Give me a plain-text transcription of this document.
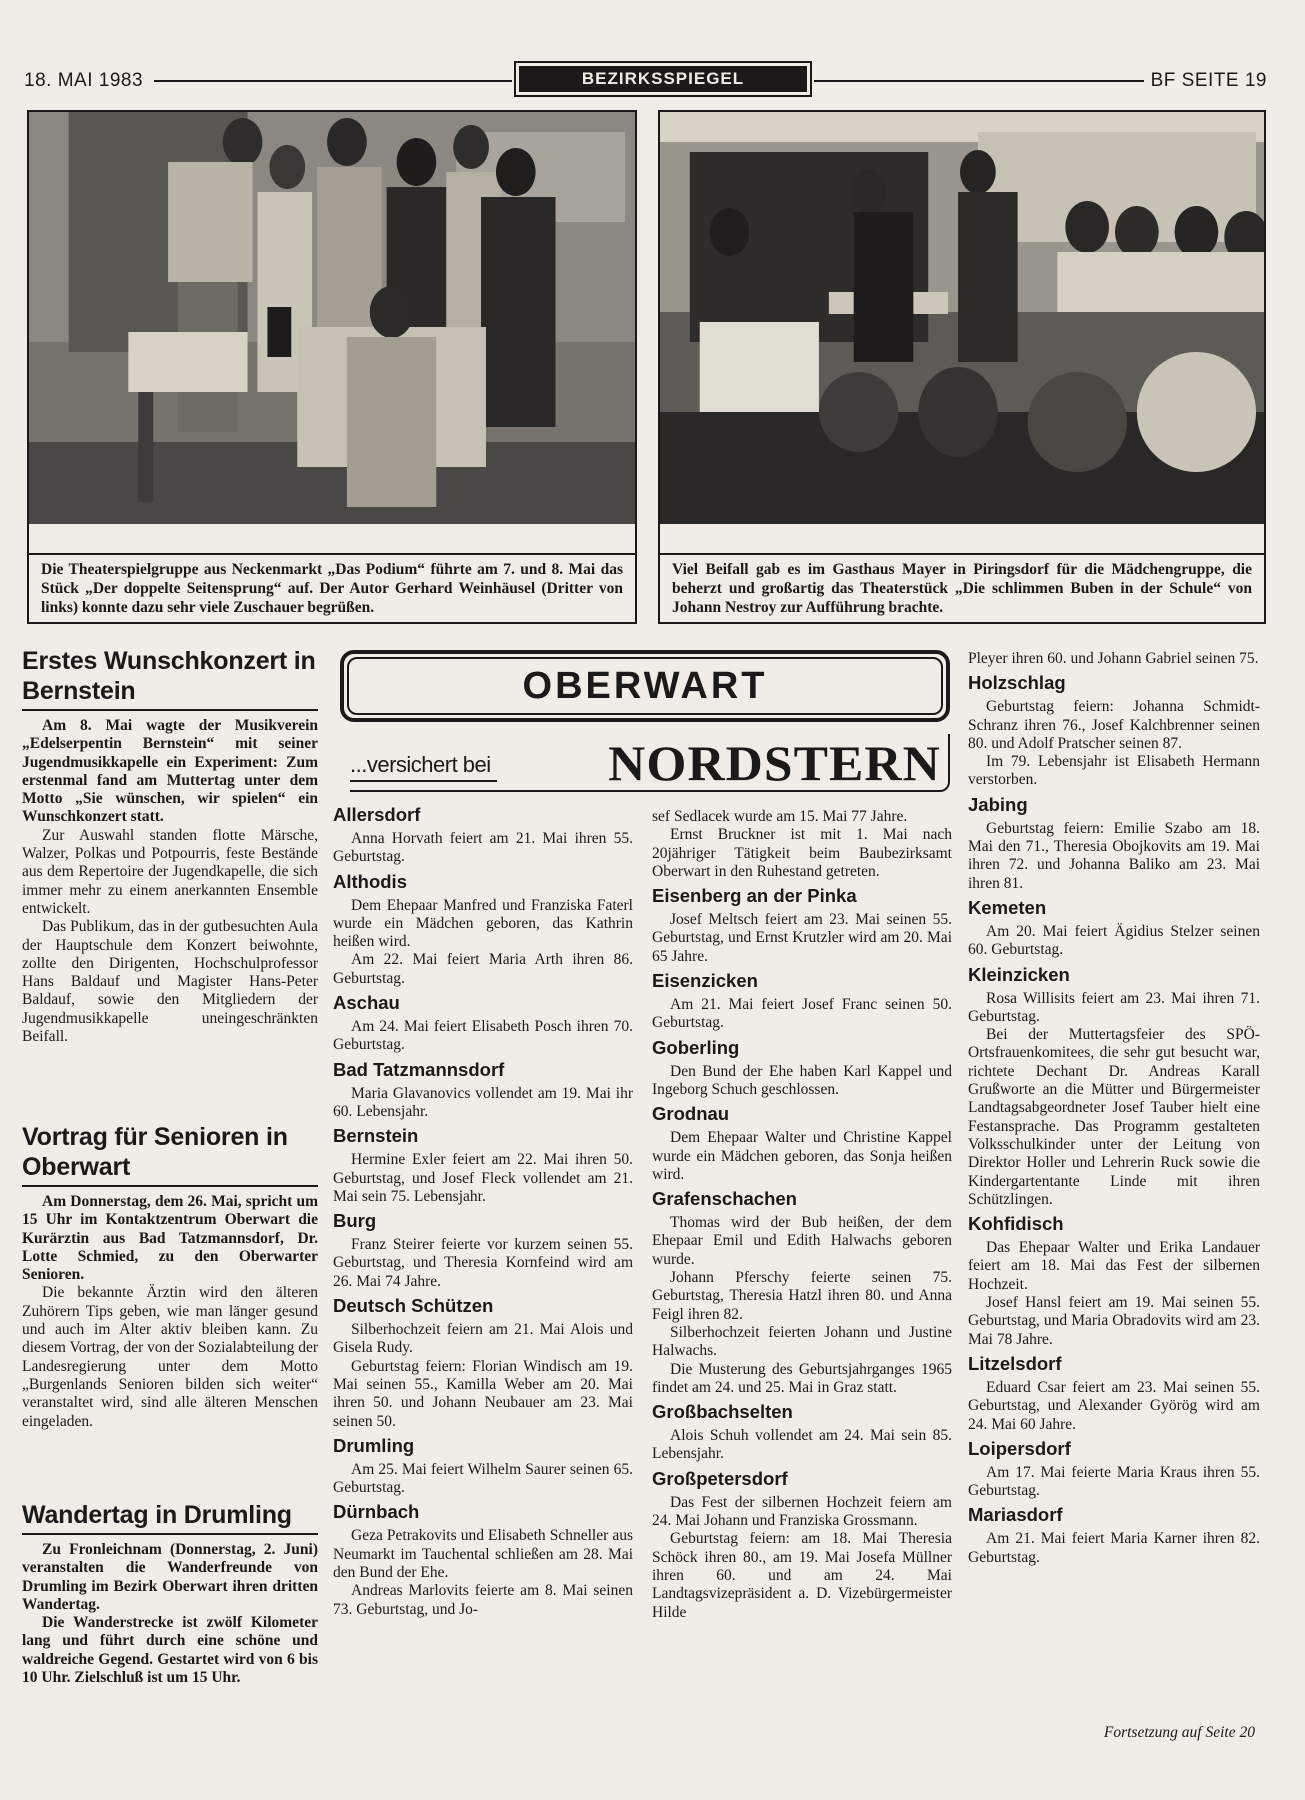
18. MAI 1983	BEZIRKSSPIEGEL	BF SEITE 19
Die Theaterspielgruppe aus Neckenmarkt „Das Podium“ führte am 7. und 8. Mai das Stück „Der doppelte Seitensprung“ auf. Der Autor Gerhard Weinhäusel (Dritter von links) konnte dazu sehr viele Zuschauer begrüßen.
Viel Beifall gab es im Gasthaus Mayer in Piringsdorf für die Mädchengruppe, die beherzt und großartig das Theaterstück „Die schlimmen Buben in der Schule“ von Johann Nestroy zur Aufführung brachte.
Erstes Wunschkonzert in Bernstein

Am 8. Mai wagte der Musikverein „Edelserpentin Bernstein“ mit seiner Jugendmusikkapelle ein Experiment: Zum erstenmal fand am Muttertag unter dem Motto „Sie wünschen, wir spielen“ ein Wunschkonzert statt.

Zur Auswahl standen flotte Märsche, Walzer, Polkas und Potpourris, feste Bestände aus dem Repertoire der Jugendkapelle, die sich immer mehr zu einem anerkannten Ensemble entwickelt.

Das Publikum, das in der gutbesuchten Aula der Hauptschule dem Konzert beiwohnte, zollte den Dirigenten, Hochschulprofessor Hans Baldauf und Magister Hans-Peter Baldauf, sowie den Mitgliedern der Jugendmusikkapelle uneingeschränkten Beifall.

Vortrag für Senioren in Oberwart

Am Donnerstag, dem 26. Mai, spricht um 15 Uhr im Kontaktzentrum Oberwart die Kurärztin aus Bad Tatzmannsdorf, Dr. Lotte Schmied, zu den Oberwarter Senioren.

Die bekannte Ärztin wird den älteren Zuhörern Tips geben, wie man länger gesund und auch im Alter aktiv bleiben kann. Zu diesem Vortrag, der von der Sozialabteilung der Landesregierung unter dem Motto „Burgenlands Senioren bilden sich weiter“ veranstaltet wird, sind alle älteren Menschen eingeladen.

Wandertag in Drumling

Zu Fronleichnam (Donnerstag, 2. Juni) veranstalten die Wanderfreunde von Drumling im Bezirk Oberwart ihren dritten Wandertag.

Die Wanderstrecke ist zwölf Kilometer lang und führt durch eine schöne und waldreiche Gegend. Gestartet wird von 6 bis 10 Uhr. Zielschluß ist um 15 Uhr.

OBERWART
...versichert bei NORDSTERN
Allersdorf

Anna Horvath feiert am 21. Mai ihren 55. Geburtstag.

Althodis

Dem Ehepaar Manfred und Franziska Faterl wurde ein Mädchen geboren, das Kathrin heißen wird.

Am 22. Mai feiert Maria Arth ihren 86. Geburtstag.

Aschau

Am 24. Mai feiert Elisabeth Posch ihren 70. Geburtstag.

Bad Tatzmannsdorf

Maria Glavanovics vollendet am 19. Mai ihr 60. Lebensjahr.

Bernstein

Hermine Exler feiert am 22. Mai ihren 50. Geburtstag, und Josef Fleck vollendet am 21. Mai sein 75. Lebensjahr.

Burg

Franz Steirer feierte vor kurzem seinen 55. Geburtstag, und Theresia Kornfeind wird am 26. Mai 74 Jahre.

Deutsch Schützen

Silberhochzeit feiern am 21. Mai Alois und Gisela Rudy.

Geburtstag feiern: Florian Windisch am 19. Mai seinen 55., Kamilla Weber am 20. Mai ihren 50. und Johann Neubauer am 23. Mai seinen 50.

Drumling

Am 25. Mai feiert Wilhelm Saurer seinen 65. Geburtstag.

Dürnbach

Geza Petrakovits und Elisabeth Schneller aus Neumarkt im Tauchental schließen am 28. Mai den Bund der Ehe.

Andreas Marlovits feierte am 8. Mai seinen 73. Geburtstag, und Jo-

sef Sedlacek wurde am 15. Mai 77 Jahre.

Ernst Bruckner ist mit 1. Mai nach 20jähriger Tätigkeit beim Baubezirksamt Oberwart in den Ruhestand getreten.

Eisenberg an der Pinka

Josef Meltsch feiert am 23. Mai seinen 55. Geburtstag, und Ernst Krutzler wird am 20. Mai 65 Jahre.

Eisenzicken

Am 21. Mai feiert Josef Franc seinen 50. Geburtstag.

Goberling

Den Bund der Ehe haben Karl Kappel und Ingeborg Schuch geschlossen.

Grodnau

Dem Ehepaar Walter und Christine Kappel wurde ein Mädchen geboren, das Sonja heißen wird.

Grafenschachen

Thomas wird der Bub heißen, der dem Ehepaar Emil und Edith Halwachs geboren wurde.

Johann Pferschy feierte seinen 75. Geburtstag, Theresia Hatzl ihren 80. und Anna Feigl ihren 82.

Silberhochzeit feierten Johann und Justine Halwachs.

Die Musterung des Geburtsjahrganges 1965 findet am 24. und 25. Mai in Graz statt.

Großbachselten

Alois Schuh vollendet am 24. Mai sein 85. Lebensjahr.

Großpetersdorf

Das Fest der silbernen Hochzeit feiern am 24. Mai Johann und Franziska Grossmann.

Geburtstag feiern: am 18. Mai Theresia Schöck ihren 80., am 19. Mai Josefa Müllner ihren 60. und am 24. Mai Landtagsvizepräsident a. D. Vizebürgermeister Hilde

Pleyer ihren 60. und Johann Gabriel seinen 75.

Holzschlag

Geburtstag feiern: Johanna Schmidt-Schranz ihren 76., Josef Kalchbrenner seinen 80. und Adolf Pratscher seinen 87.

Im 79. Lebensjahr ist Elisabeth Hermann verstorben.

Jabing

Geburtstag feiern: Emilie Szabo am 18. Mai den 71., Theresia Obojkovits am 19. Mai ihren 72. und Johanna Baliko am 23. Mai ihren 81.

Kemeten

Am 20. Mai feiert Ägidius Stelzer seinen 60. Geburtstag.

Kleinzicken

Rosa Willisits feiert am 23. Mai ihren 71. Geburtstag.

Bei der Muttertagsfeier des SPÖ-Ortsfrauenkomitees, die sehr gut besucht war, richtete Dechant Dr. Andreas Karall Grußworte an die Mütter und Bürgermeister Landtagsabgeordneter Josef Tauber hielt eine Festansprache. Das Programm gestalteten Volksschulkinder unter der Leitung von Direktor Holler und Lehrerin Ruck sowie die Kindergartentante Linde mit ihren Schützlingen.

Kohfidisch

Das Ehepaar Walter und Erika Landauer feiert am 18. Mai das Fest der silbernen Hochzeit.

Josef Hansl feiert am 19. Mai seinen 55. Geburtstag, und Maria Obradovits wird am 23. Mai 78 Jahre.

Litzelsdorf

Eduard Csar feiert am 23. Mai seinen 55. Geburtstag, und Alexander Györög wird am 24. Mai 60 Jahre.

Loipersdorf

Am 17. Mai feierte Maria Kraus ihren 55. Geburtstag.

Mariasdorf

Am 21. Mai feiert Maria Karner ihren 82. Geburtstag.

Fortsetzung auf Seite 20
